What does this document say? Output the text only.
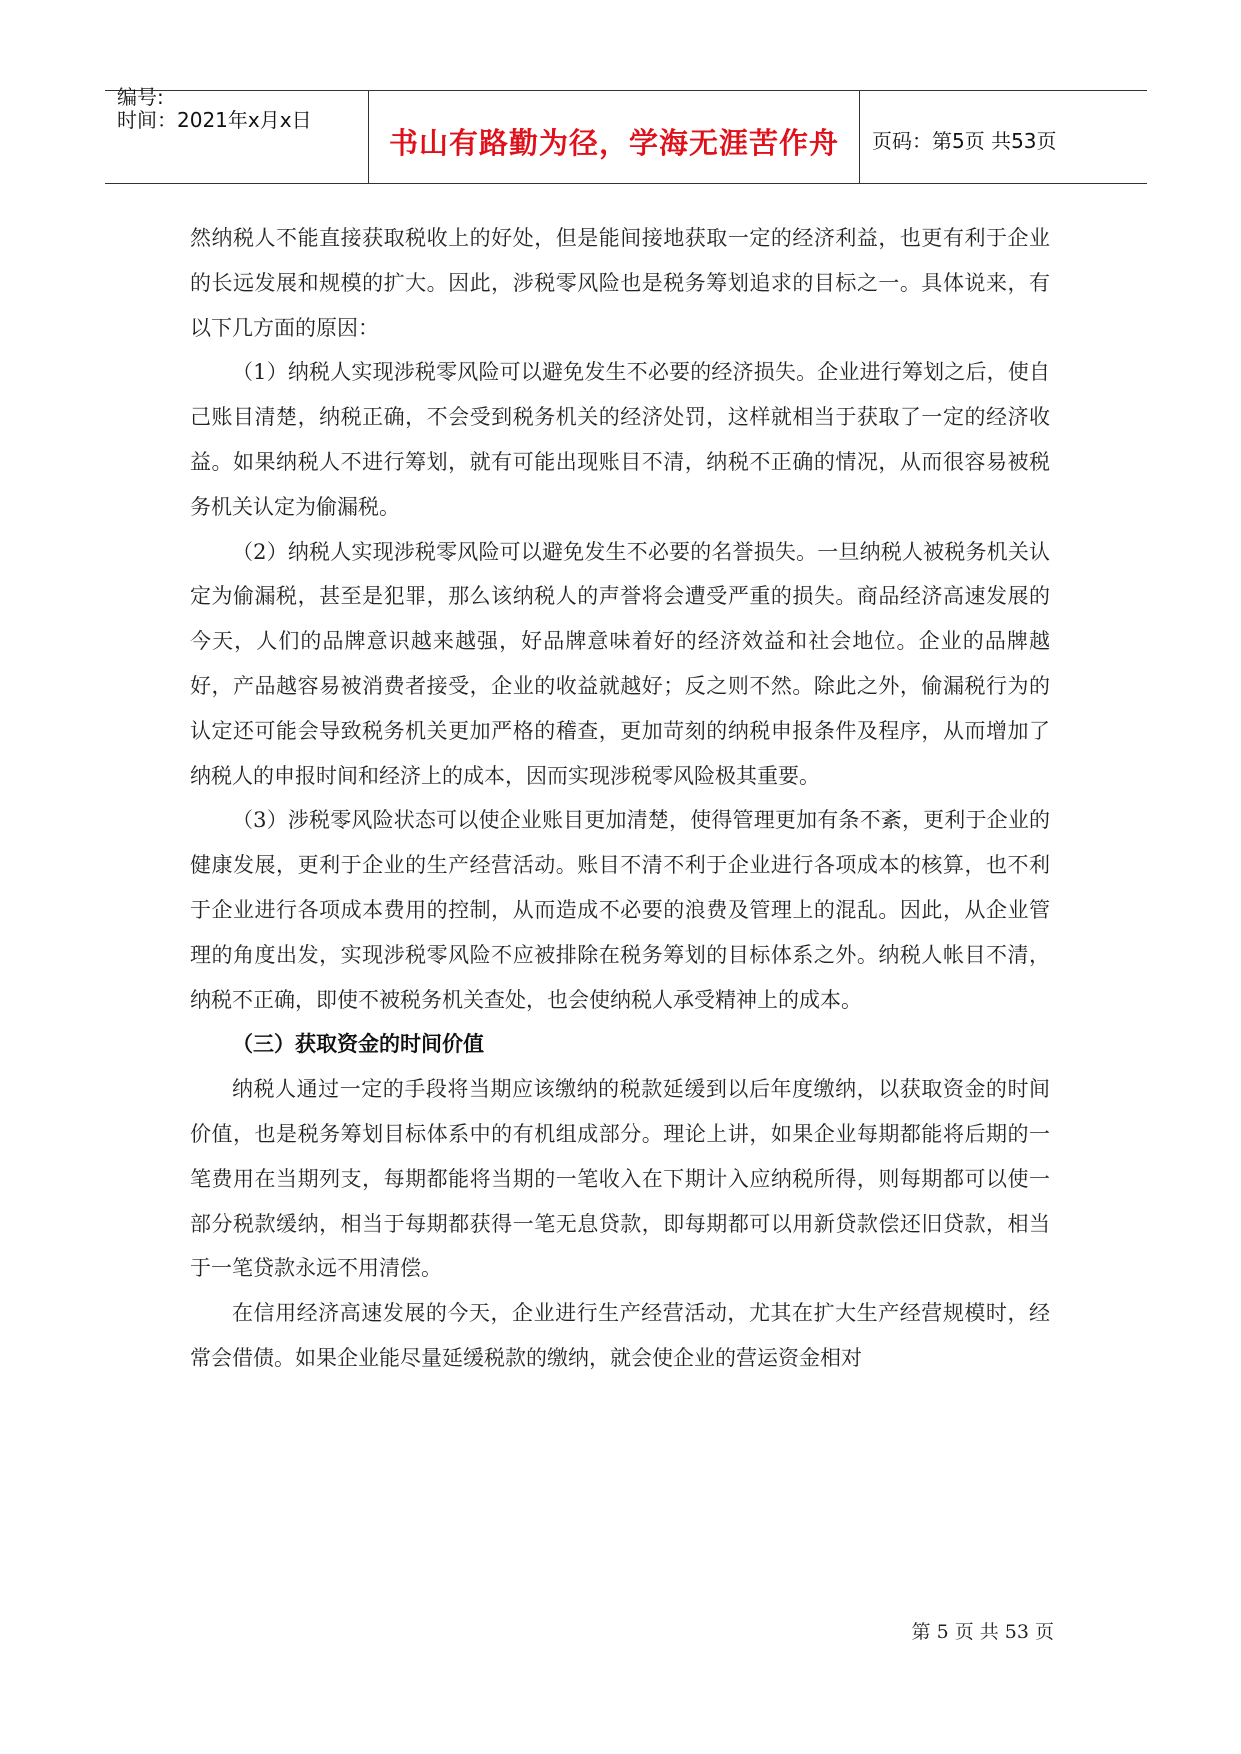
编号:
时间：2021年x月x日
书山有路勤为径，学海无涯苦作舟	页码：第5页 共53页

然纳税人不能直接获取税收上的好处，但是能间接地获取一定的经济利益，也更有利于企业的长远发展和规模的扩大。因此，涉税零风险也是税务筹划追求的目标之一。具体说来，有以下几方面的原因：

（1）纳税人实现涉税零风险可以避免发生不必要的经济损失。企业进行筹划之后，使自己账目清楚，纳税正确，不会受到税务机关的经济处罚，这样就相当于获取了一定的经济收益。如果纳税人不进行筹划，就有可能出现账目不清，纳税不正确的情况，从而很容易被税务机关认定为偷漏税。

（2）纳税人实现涉税零风险可以避免发生不必要的名誉损失。一旦纳税人被税务机关认定为偷漏税，甚至是犯罪，那么该纳税人的声誉将会遭受严重的损失。商品经济高速发展的今天，人们的品牌意识越来越强，好品牌意味着好的经济效益和社会地位。企业的品牌越好，产品越容易被消费者接受，企业的收益就越好；反之则不然。除此之外，偷漏税行为的认定还可能会导致税务机关更加严格的稽查，更加苛刻的纳税申报条件及程序，从而增加了纳税人的申报时间和经济上的成本，因而实现涉税零风险极其重要。

（3）涉税零风险状态可以使企业账目更加清楚，使得管理更加有条不紊，更利于企业的健康发展，更利于企业的生产经营活动。账目不清不利于企业进行各项成本的核算，也不利于企业进行各项成本费用的控制，从而造成不必要的浪费及管理上的混乱。因此，从企业管理的角度出发，实现涉税零风险不应被排除在税务筹划的目标体系之外。纳税人帐目不清，纳税不正确，即使不被税务机关查处，也会使纳税人承受精神上的成本。

（三）获取资金的时间价值

纳税人通过一定的手段将当期应该缴纳的税款延缓到以后年度缴纳，以获取资金的时间价值，也是税务筹划目标体系中的有机组成部分。理论上讲，如果企业每期都能将后期的一笔费用在当期列支，每期都能将当期的一笔收入在下期计入应纳税所得，则每期都可以使一部分税款缓纳，相当于每期都获得一笔无息贷款，即每期都可以用新贷款偿还旧贷款，相当于一笔贷款永远不用清偿。

在信用经济高速发展的今天，企业进行生产经营活动，尤其在扩大生产经营规模时，经常会借债。如果企业能尽量延缓税款的缴纳，就会使企业的营运资金相对

第 5 页 共 53 页
